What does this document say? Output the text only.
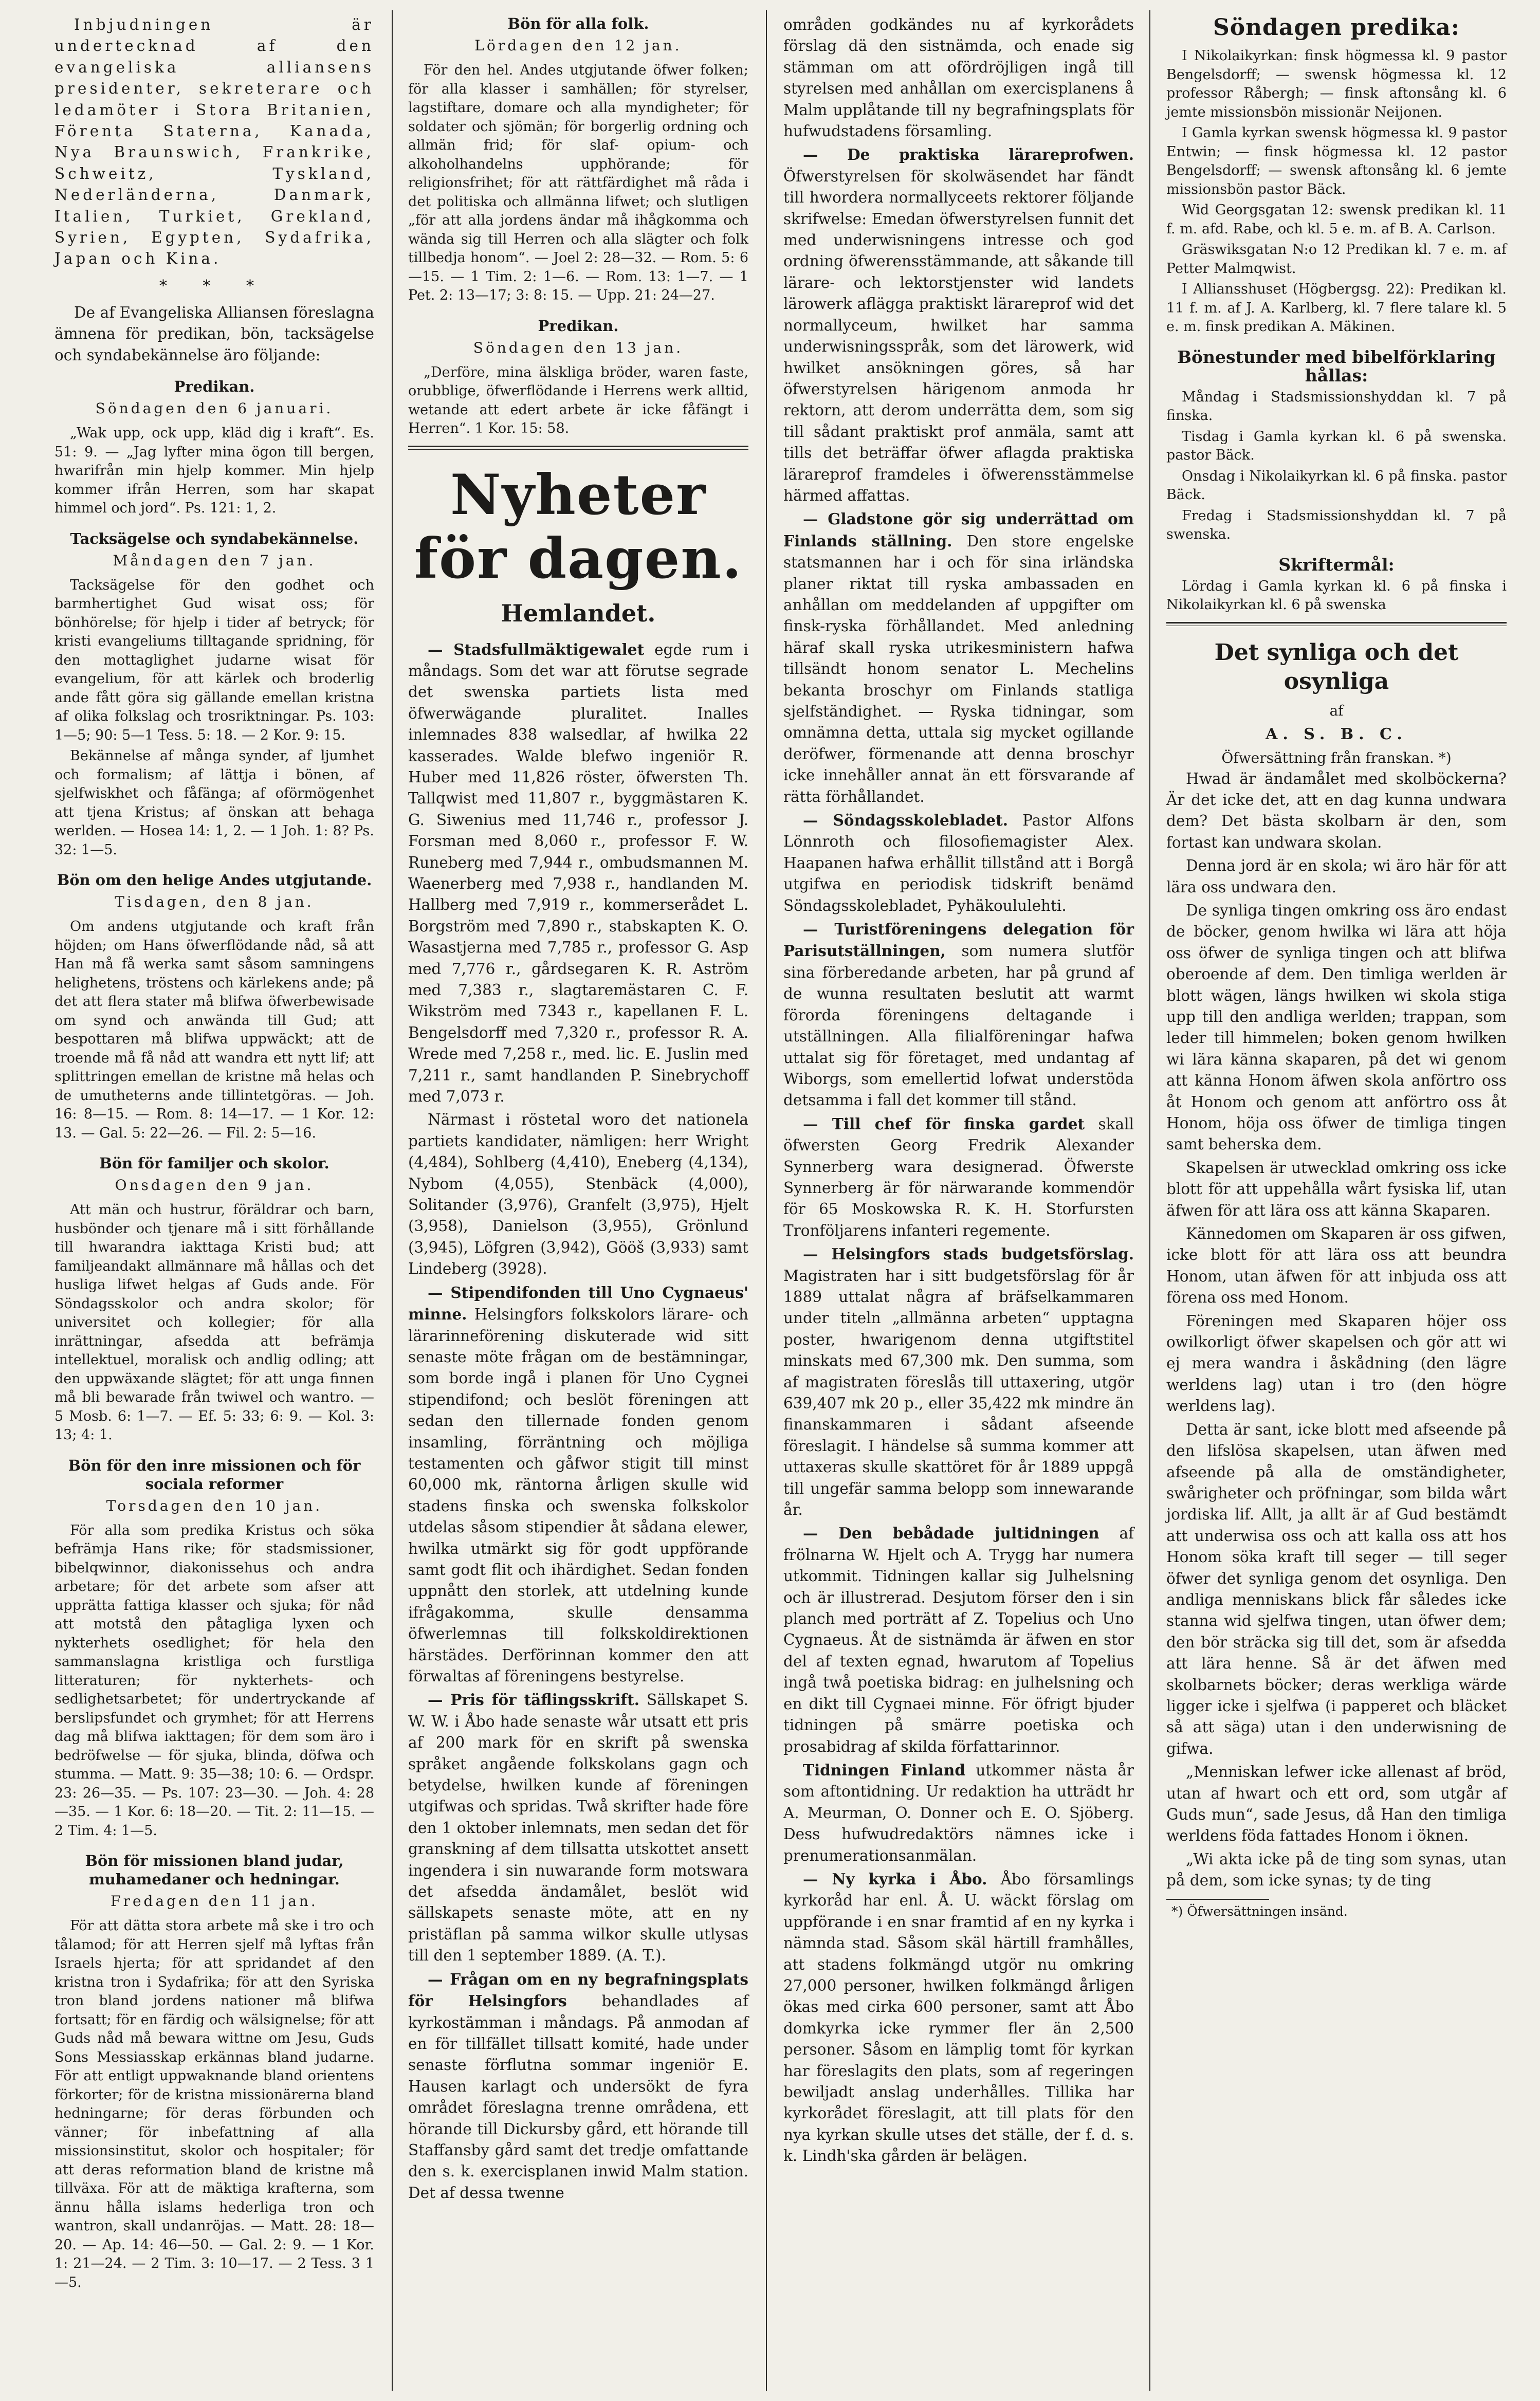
Inbjudningen är undertecknad af den evangeliska alliansens presidenter, sekreterare och ledamöter i Stora Britanien, Förenta Staterna, Kanada, Nya Braunswich, Frankrike, Schweitz, Tyskland, Nederländerna, Danmark, Italien, Turkiet, Grekland, Syrien, Egypten, Sydafrika, Japan och Kina.

* * *

De af Evangeliska Alliansen föreslagna ämnena för predikan, bön, tacksägelse och syndabekännelse äro följande:

Predikan.
Söndagen den 6 januari.

„Wak upp, ock upp, kläd dig i kraft“. Es. 51: 9. — „Jag lyfter mina ögon till bergen, hwarifrån min hjelp kommer. Min hjelp kommer ifrån Herren, som har skapat himmel och jord“. Ps. 121: 1, 2.

Tacksägelse och syndabekännelse.
Måndagen den 7 jan.

Tacksägelse för den godhet och barmhertighet Gud wisat oss; för bönhörelse; för hjelp i tider af betryck; för kristi evangeliums tilltagande spridning, för den mottaglighet judarne wisat för evangelium, för att kärlek och broderlig ande fått göra sig gällande emellan kristna af olika folkslag och trosriktningar. Ps. 103: 1—5; 90: 5—1 Tess. 5: 18. — 2 Kor. 9: 15.

Bekännelse af många synder, af ljumhet och formalism; af lättja i bönen, af sjelfwiskhet och fåfänga; af oförmögenhet att tjena Kristus; af önskan att behaga werlden. — Hosea 14: 1, 2. — 1 Joh. 1: 8? Ps. 32: 1—5.

Bön om den helige Andes utgjutande.
Tisdagen, den 8 jan.

Om andens utgjutande och kraft från höjden; om Hans öfwerflödande nåd, så att Han må få werka samt såsom samningens helighetens, tröstens och kärlekens ande; på det att flera stater må blifwa öfwerbewisade om synd och anwända till Gud; att bespottaren må blifwa uppwäckt; att de troende må få nåd att wandra ett nytt lif; att splittringen emellan de kristne må helas och de umutheterns ande tillintetgöras. — Joh. 16: 8—15. — Rom. 8: 14—17. — 1 Kor. 12: 13. — Gal. 5: 22—26. — Fil. 2: 5—16.

Bön för familjer och skolor.
Onsdagen den 9 jan.

Att män och hustrur, föräldrar och barn, husbönder och tjenare må i sitt förhållande till hwarandra iakttaga Kristi bud; att familjeandakt allmännare må hållas och det husliga lifwet helgas af Guds ande. För Söndagsskolor och andra skolor; för universitet och kollegier; för alla inrättningar, afsedda att befrämja intellektuel, moralisk och andlig odling; att den uppwäxande slägtet; för att unga finnen må bli bewarade från twiwel och wantro. — 5 Mosb. 6: 1—7. — Ef. 5: 33; 6: 9. — Kol. 3: 13; 4: 1.

Bön för den inre missionen och för sociala reformer
Torsdagen den 10 jan.

För alla som predika Kristus och söka befrämja Hans rike; för stadsmissioner, bibelqwinnor, diakonissehus och andra arbetare; för det arbete som afser att upprätta fattiga klasser och sjuka; för nåd att motstå den påtagliga lyxen och nykterhets osedlighet; för hela den sammanslagna kristliga och furstliga litteraturen; för nykterhets- och sedlighetsarbetet; för undertryckande af berslipsfundet och grymhet; för att Herrens dag må blifwa iakttagen; för dem som äro i bedröfwelse — för sjuka, blinda, döfwa och stumma. — Matt. 9: 35—38; 10: 6. — Ordspr. 23: 26—35. — Ps. 107: 23—30. — Joh. 4: 28—35. — 1 Kor. 6: 18—20. — Tit. 2: 11—15. — 2 Tim. 4: 1—5.

Bön för missionen bland judar, muhamedaner och hedningar.
Fredagen den 11 jan.

För att dätta stora arbete må ske i tro och tålamod; för att Herren sjelf må lyftas från Israels hjerta; för att spridandet af den kristna tron i Sydafrika; för att den Syriska tron bland jordens nationer må blifwa fortsatt; för en färdig och wälsignelse; för att Guds nåd må bewara wittne om Jesu, Guds Sons Messiasskap erkännas bland judarne. För att entligt uppwaknande bland orientens förkorter; för de kristna missionärerna bland hedningarne; för deras förbunden och vänner; för inbefattning af alla missionsinstitut, skolor och hospitaler; för att deras reformation bland de kristne må tillväxa. För att de mäktiga krafterna, som ännu hålla islams hederliga tron och wantron, skall undanröjas. — Matt. 28: 18—20. — Ap. 14: 46—50. — Gal. 2: 9. — 1 Kor. 1: 21—24. — 2 Tim. 3: 10—17. — 2 Tess. 3 1—5.

Bön för alla folk.
Lördagen den 12 jan.

För den hel. Andes utgjutande öfwer folken; för alla klasser i samhällen; för styrelser, lagstiftare, domare och alla myndigheter; för soldater och sjömän; för borgerlig ordning och allmän frid; för slaf- opium- och alkoholhandelns upphörande; för religionsfrihet; för att rättfärdighet må råda i det politiska och allmänna lifwet; och slutligen „för att alla jordens ändar må ihågkomma och wända sig till Herren och alla slägter och folk tillbedja honom“. — Joel 2: 28—32. — Rom. 5: 6—15. — 1 Tim. 2: 1—6. — Rom. 13: 1—7. — 1 Pet. 2: 13—17; 3: 8: 15. — Upp. 21: 24—27.

Predikan.
Söndagen den 13 jan.

„Derföre, mina älskliga bröder, waren faste, orubblige, öfwerflödande i Herrens werk alltid, wetande att edert arbete är icke fåfängt i Herren“. 1 Kor. 15: 58.

Nyheter för dagen.
Hemlandet.

— Stadsfullmäktigewalet egde rum i måndags. Som det war att förutse segrade det swenska partiets lista med öfwerwägande pluralitet. Inalles inlemnades 838 walsedlar, af hwilka 22 kasserades. Walde blefwo ingeniör R. Huber med 11,826 röster, öfwersten Th. Tallqwist med 11,807 r., byggmästaren K. G. Siwenius med 11,746 r., professor J. Forsman med 8,060 r., professor F. W. Runeberg med 7,944 r., ombudsmannen M. Waenerberg med 7,938 r., handlanden M. Hallberg med 7,919 r., kommerserådet L. Borgström med 7,890 r., stabskapten K. O. Wasastjerna med 7,785 r., professor G. Asp med 7,776 r., gårdsegaren K. R. Aström med 7,383 r., slagtaremästaren C. F. Wikström med 7343 r., kapellanen F. L. Bengelsdorff med 7,320 r., professor R. A. Wrede med 7,258 r., med. lic. E. Juslin med 7,211 r., samt handlanden P. Sinebrychoff med 7,073 r.

Närmast i röstetal woro det nationela partiets kandidater, nämligen: herr Wright (4,484), Sohlberg (4,410), Eneberg (4,134), Nybom (4,055), Stenbäck (4,000), Solitander (3,976), Granfelt (3,975), Hjelt (3,958), Danielson (3,955), Grönlund (3,945), Löfgren (3,942), Gööš (3,933) samt Lindeberg (3928).

— Stipendifonden till Uno Cygnaeus' minne. Helsingfors folkskolors lärare- och lärarinneförening diskuterade wid sitt senaste möte frågan om de bestämningar, som borde ingå i planen för Uno Cygnei stipendifond; och beslöt föreningen att sedan den tillernade fonden genom insamling, förräntning och möjliga testamenten och gåfwor stigit till minst 60,000 mk, räntorna årligen skulle wid stadens finska och swenska folkskolor utdelas såsom stipendier åt sådana elewer, hwilka utmärkt sig för godt uppförande samt godt flit och ihärdighet. Sedan fonden uppnått den storlek, att utdelning kunde ifrågakomma, skulle densamma öfwerlemnas till folkskoldirektionen härstädes. Derförinnan kommer den att förwaltas af föreningens bestyrelse.

— Pris för täflingsskrift. Sällskapet S. W. W. i Åbo hade senaste wår utsatt ett pris af 200 mark för en skrift på swenska språket angående folkskolans gagn och betydelse, hwilken kunde af föreningen utgifwas och spridas. Twå skrifter hade före den 1 oktober inlemnats, men sedan det för granskning af dem tillsatta utskottet ansett ingendera i sin nuwarande form motswara det afsedda ändamålet, beslöt wid sällskapets senaste möte, att en ny pristäflan på samma wilkor skulle utlysas till den 1 september 1889. (A. T.).

— Frågan om en ny begrafningsplats för Helsingfors behandlades af kyrkostämman i måndags. På anmodan af en för tillfället tillsatt komité, hade under senaste förflutna sommar ingeniör E. Hausen karlagt och undersökt de fyra området föreslagna trenne områdena, ett hörande till Dickursby gård, ett hörande till Staffansby gård samt det tredje omfattande den s. k. exercisplanen inwid Malm station. Det af dessa twenne

områden godkändes nu af kyrkorådets förslag dä den sistnämda, och enade sig stämman om att ofördröjligen ingå till styrelsen med anhållan om exercisplanens å Malm upplåtande till ny begrafningsplats för hufwudstadens församling.

— De praktiska lärareprofwen. Öfwerstyrelsen för skolwäsendet har fändt till hwordera normallyceets rektorer följande skrifwelse: Emedan öfwerstyrelsen funnit det med underwisningens intresse och god ordning öfwerensstämmande, att såkande till lärare- och lektorstjenster wid landets lärowerk aflägga praktiskt lärareprof wid det normallyceum, hwilket har samma underwisningsspråk, som det lärowerk, wid hwilket ansökningen göres, så har öfwerstyrelsen härigenom anmoda hr rektorn, att derom underrätta dem, som sig till sådant praktiskt prof anmäla, samt att tills det beträffar öfwer aflagda praktiska lärareprof framdeles i öfwerensstämmelse härmed affattas.

— Gladstone gör sig underrättad om Finlands ställning. Den store engelske statsmannen har i och för sina irländska planer riktat till ryska ambassaden en anhållan om meddelanden af uppgifter om finsk-ryska förhållandet. Med anledning häraf skall ryska utrikesministern hafwa tillsändt honom senator L. Mechelins bekanta broschyr om Finlands statliga sjelfständighet. — Ryska tidningar, som omnämna detta, uttala sig mycket ogillande deröfwer, förmenande att denna broschyr icke innehåller annat än ett försvarande af rätta förhållandet.

— Söndagsskolebladet. Pastor Alfons Lönnroth och filosofiemagister Alex. Haapanen hafwa erhållit tillstånd att i Borgå utgifwa en periodisk tidskrift benämd Söndagsskolebladet, Pyhäkoululehti.

— Turistföreningens delegation för Parisutställningen, som numera slutför sina förberedande arbeten, har på grund af de wunna resultaten beslutit att warmt förorda föreningens deltagande i utställningen. Alla filialföreningar hafwa uttalat sig för företaget, med undantag af Wiborgs, som emellertid lofwat understöda detsamma i fall det kommer till stånd.

— Till chef för finska gardet skall öfwersten Georg Fredrik Alexander Synnerberg wara designerad. Öfwerste Synnerberg är för närwarande kommendör för 65 Moskowska R. K. H. Storfursten Tronföljarens infanteri regemente.

— Helsingfors stads budgetsförslag. Magistraten har i sitt budgetsförslag för år 1889 uttalat några af bräfselkammaren under titeln „allmänna arbeten“ upptagna poster, hwarigenom denna utgiftstitel minskats med 67,300 mk. Den summa, som af magistraten föreslås till uttaxering, utgör 639,407 mk 20 p., eller 35,422 mk mindre än finanskammaren i sådant afseende föreslagit. I händelse så summa kommer att uttaxeras skulle skattöret för år 1889 uppgå till ungefär samma belopp som innewarande år.

— Den bebådade jultidningen af frölnarna W. Hjelt och A. Trygg har numera utkommit. Tidningen kallar sig Julhelsning och är illustrerad. Desjutom förser den i sin planch med porträtt af Z. Topelius och Uno Cygnaeus. Åt de sistnämda är äfwen en stor del af texten egnad, hwarutom af Topelius ingå twå poetiska bidrag: en julhelsning och en dikt till Cygnaei minne. För öfrigt bjuder tidningen på smärre poetiska och prosabidrag af skilda författarinnor.

Tidningen Finland utkommer nästa år som aftontidning. Ur redaktion ha utträdt hr A. Meurman, O. Donner och E. O. Sjöberg. Dess hufwudredaktörs nämnes icke i prenumerationsanmälan.

— Ny kyrka i Åbo. Åbo församlings kyrkoråd har enl. Å. U. wäckt förslag om uppförande i en snar framtid af en ny kyrka i nämnda stad. Såsom skäl härtill framhålles, att stadens folkmängd utgör nu omkring 27,000 personer, hwilken folkmängd årligen ökas med cirka 600 personer, samt att Åbo domkyrka icke rymmer fler än 2,500 personer. Såsom en lämplig tomt för kyrkan har föreslagits den plats, som af regeringen bewiljadt anslag underhålles. Tillika har kyrkorådet föreslagit, att till plats för den nya kyrkan skulle utses det ställe, der f. d. s. k. Lindh'ska gården är belägen.

Söndagen predika:

I Nikolaikyrkan: finsk högmessa kl. 9 pastor Bengelsdorff; — swensk högmessa kl. 12 professor Råbergh; — finsk aftonsång kl. 6 jemte missionsbön missionär Neijonen.

I Gamla kyrkan swensk högmessa kl. 9 pastor Entwin; — finsk högmessa kl. 12 pastor Bengelsdorff; — swensk aftonsång kl. 6 jemte missionsbön pastor Bäck.

Wid Georgsgatan 12: swensk predikan kl. 11 f. m. afd. Rabe, och kl. 5 e. m. af B. A. Carlson.

Gräswiksgatan N:o 12 Predikan kl. 7 e. m. af Petter Malmqwist.

I Alliansshuset (Högbergsg. 22): Predikan kl. 11 f. m. af J. A. Karlberg, kl. 7 flere talare kl. 5 e. m. finsk predikan A. Mäkinen.

Bönestunder med bibelförklaring hållas:

Måndag i Stadsmissionshyddan kl. 7 på finska.

Tisdag i Gamla kyrkan kl. 6 på swenska. pastor Bäck.

Onsdag i Nikolaikyrkan kl. 6 på finska. pastor Bäck.

Fredag i Stadsmissionshyddan kl. 7 på swenska.

Skriftermål:

Lördag i Gamla kyrkan kl. 6 på finska i Nikolaikyrkan kl. 6 på swenska

Det synliga och det osynliga
af
A. S. B. C.
Öfwersättning från franskan. *)

Hwad är ändamålet med skolböckerna? Är det icke det, att en dag kunna undwara dem? Det bästa skolbarn är den, som fortast kan undwara skolan.

Denna jord är en skola; wi äro här för att lära oss undwara den.

De synliga tingen omkring oss äro endast de böcker, genom hwilka wi lära att höja oss öfwer de synliga tingen och att blifwa oberoende af dem. Den timliga werlden är blott wägen, längs hwilken wi skola stiga upp till den andliga werlden; trappan, som leder till himmelen; boken genom hwilken wi lära känna skaparen, på det wi genom att känna Honom äfwen skola anförtro oss åt Honom och genom att anförtro oss åt Honom, höja oss öfwer de timliga tingen samt beherska dem.

Skapelsen är utwecklad omkring oss icke blott för att uppehålla wårt fysiska lif, utan äfwen för att lära oss att känna Skaparen.

Kännedomen om Skaparen är oss gifwen, icke blott för att lära oss att beundra Honom, utan äfwen för att inbjuda oss att förena oss med Honom.

Föreningen med Skaparen höjer oss owilkorligt öfwer skapelsen och gör att wi ej mera wandra i åskådning (den lägre werldens lag) utan i tro (den högre werldens lag).

Detta är sant, icke blott med afseende på den lifslösa skapelsen, utan äfwen med afseende på alla de omständigheter, swårigheter och pröfningar, som bilda wårt jordiska lif. Allt, ja allt är af Gud bestämdt att underwisa oss och att kalla oss att hos Honom söka kraft till seger — till seger öfwer det synliga genom det osynliga. Den andliga menniskans blick får således icke stanna wid sjelfwa tingen, utan öfwer dem; den bör sträcka sig till det, som är afsedda att lära henne. Så är det äfwen med skolbarnets böcker; deras werkliga wärde ligger icke i sjelfwa (i papperet och bläcket så att säga) utan i den underwisning de gifwa.

„Menniskan lefwer icke allenast af bröd, utan af hwart och ett ord, som utgår af Guds mun“, sade Jesus, då Han den timliga werldens föda fattades Honom i öknen.

„Wi akta icke på de ting som synas, utan på dem, som icke synas; ty de ting

*) Öfwersättningen insänd.
